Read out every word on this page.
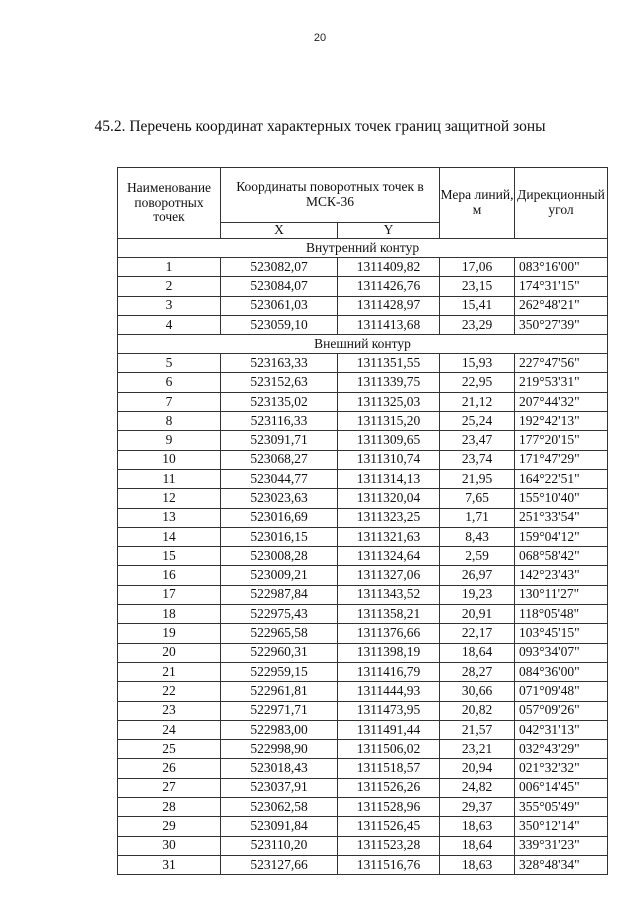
20
45.2. Перечень координат характерных точек границ защитной зоны
Наименование поворотных точек	Координаты поворотных точек в МСК-36		Мера линий, м	Дирекционный угол
	X	Y		
Внутренний контур				
1	523082,07	1311409,82	17,06	083°16'00"
2	523084,07	1311426,76	23,15	174°31'15"
3	523061,03	1311428,97	15,41	262°48'21"
4	523059,10	1311413,68	23,29	350°27'39"
Внешний контур				
5	523163,33	1311351,55	15,93	227°47'56"
6	523152,63	1311339,75	22,95	219°53'31"
7	523135,02	1311325,03	21,12	207°44'32"
8	523116,33	1311315,20	25,24	192°42'13"
9	523091,71	1311309,65	23,47	177°20'15"
10	523068,27	1311310,74	23,74	171°47'29"
11	523044,77	1311314,13	21,95	164°22'51"
12	523023,63	1311320,04	7,65	155°10'40"
13	523016,69	1311323,25	1,71	251°33'54"
14	523016,15	1311321,63	8,43	159°04'12"
15	523008,28	1311324,64	2,59	068°58'42"
16	523009,21	1311327,06	26,97	142°23'43"
17	522987,84	1311343,52	19,23	130°11'27"
18	522975,43	1311358,21	20,91	118°05'48"
19	522965,58	1311376,66	22,17	103°45'15"
20	522960,31	1311398,19	18,64	093°34'07"
21	522959,15	1311416,79	28,27	084°36'00"
22	522961,81	1311444,93	30,66	071°09'48"
23	522971,71	1311473,95	20,82	057°09'26"
24	522983,00	1311491,44	21,57	042°31'13"
25	522998,90	1311506,02	23,21	032°43'29"
26	523018,43	1311518,57	20,94	021°32'32"
27	523037,91	1311526,26	24,82	006°14'45"
28	523062,58	1311528,96	29,37	355°05'49"
29	523091,84	1311526,45	18,63	350°12'14"
30	523110,20	1311523,28	18,64	339°31'23"
31	523127,66	1311516,76	18,63	328°48'34"
